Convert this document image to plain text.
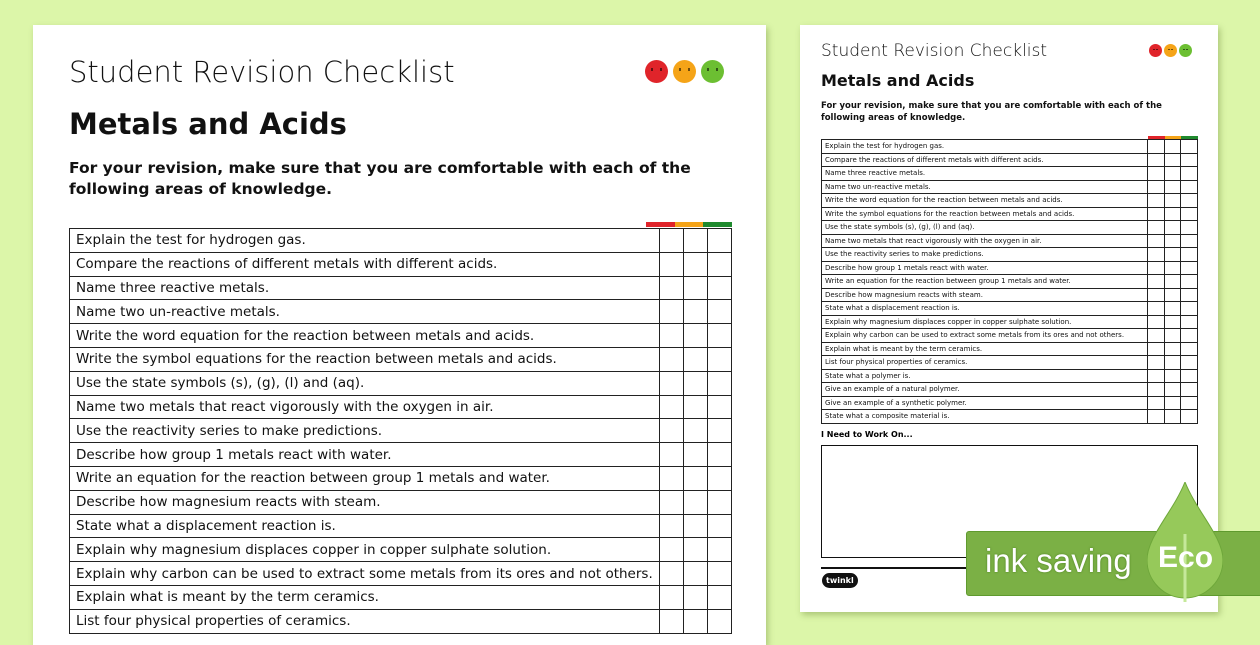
Student Revision Checklist
Metals and Acids
For your revision, make sure that you are comfortable with each of the following areas of knowledge.
Explain the test for hydrogen gas.			
Compare the reactions of different metals with different acids.			
Name three reactive metals.			
Name two un-reactive metals.			
Write the word equation for the reaction between metals and acids.			
Write the symbol equations for the reaction between metals and acids.			
Use the state symbols (s), (g), (l) and (aq).			
Name two metals that react vigorously with the oxygen in air.			
Use the reactivity series to make predictions.			
Describe how group 1 metals react with water.			
Write an equation for the reaction between group 1 metals and water.			
Describe how magnesium reacts with steam.			
State what a displacement reaction is.			
Explain why magnesium displaces copper in copper sulphate solution.			
Explain why carbon can be used to extract some metals from its ores and not others.			
Explain what is meant by the term ceramics.			
List four physical properties of ceramics.			
Student Revision Checklist
Metals and Acids
For your revision, make sure that you are comfortable with each of the following areas of knowledge.
Explain the test for hydrogen gas.			
Compare the reactions of different metals with different acids.			
Name three reactive metals.			
Name two un-reactive metals.			
Write the word equation for the reaction between metals and acids.			
Write the symbol equations for the reaction between metals and acids.			
Use the state symbols (s), (g), (l) and (aq).			
Name two metals that react vigorously with the oxygen in air.			
Use the reactivity series to make predictions.			
Describe how group 1 metals react with water.			
Write an equation for the reaction between group 1 metals and water.			
Describe how magnesium reacts with steam.			
State what a displacement reaction is.			
Explain why magnesium displaces copper in copper sulphate solution.			
Explain why carbon can be used to extract some metals from its ores and not others.			
Explain what is meant by the term ceramics.			
List four physical properties of ceramics.			
State what a polymer is.			
Give an example of a natural polymer.			
Give an example of a synthetic polymer.			
State what a composite material is.			
I Need to Work On...
twinkl
ink saving Eco
